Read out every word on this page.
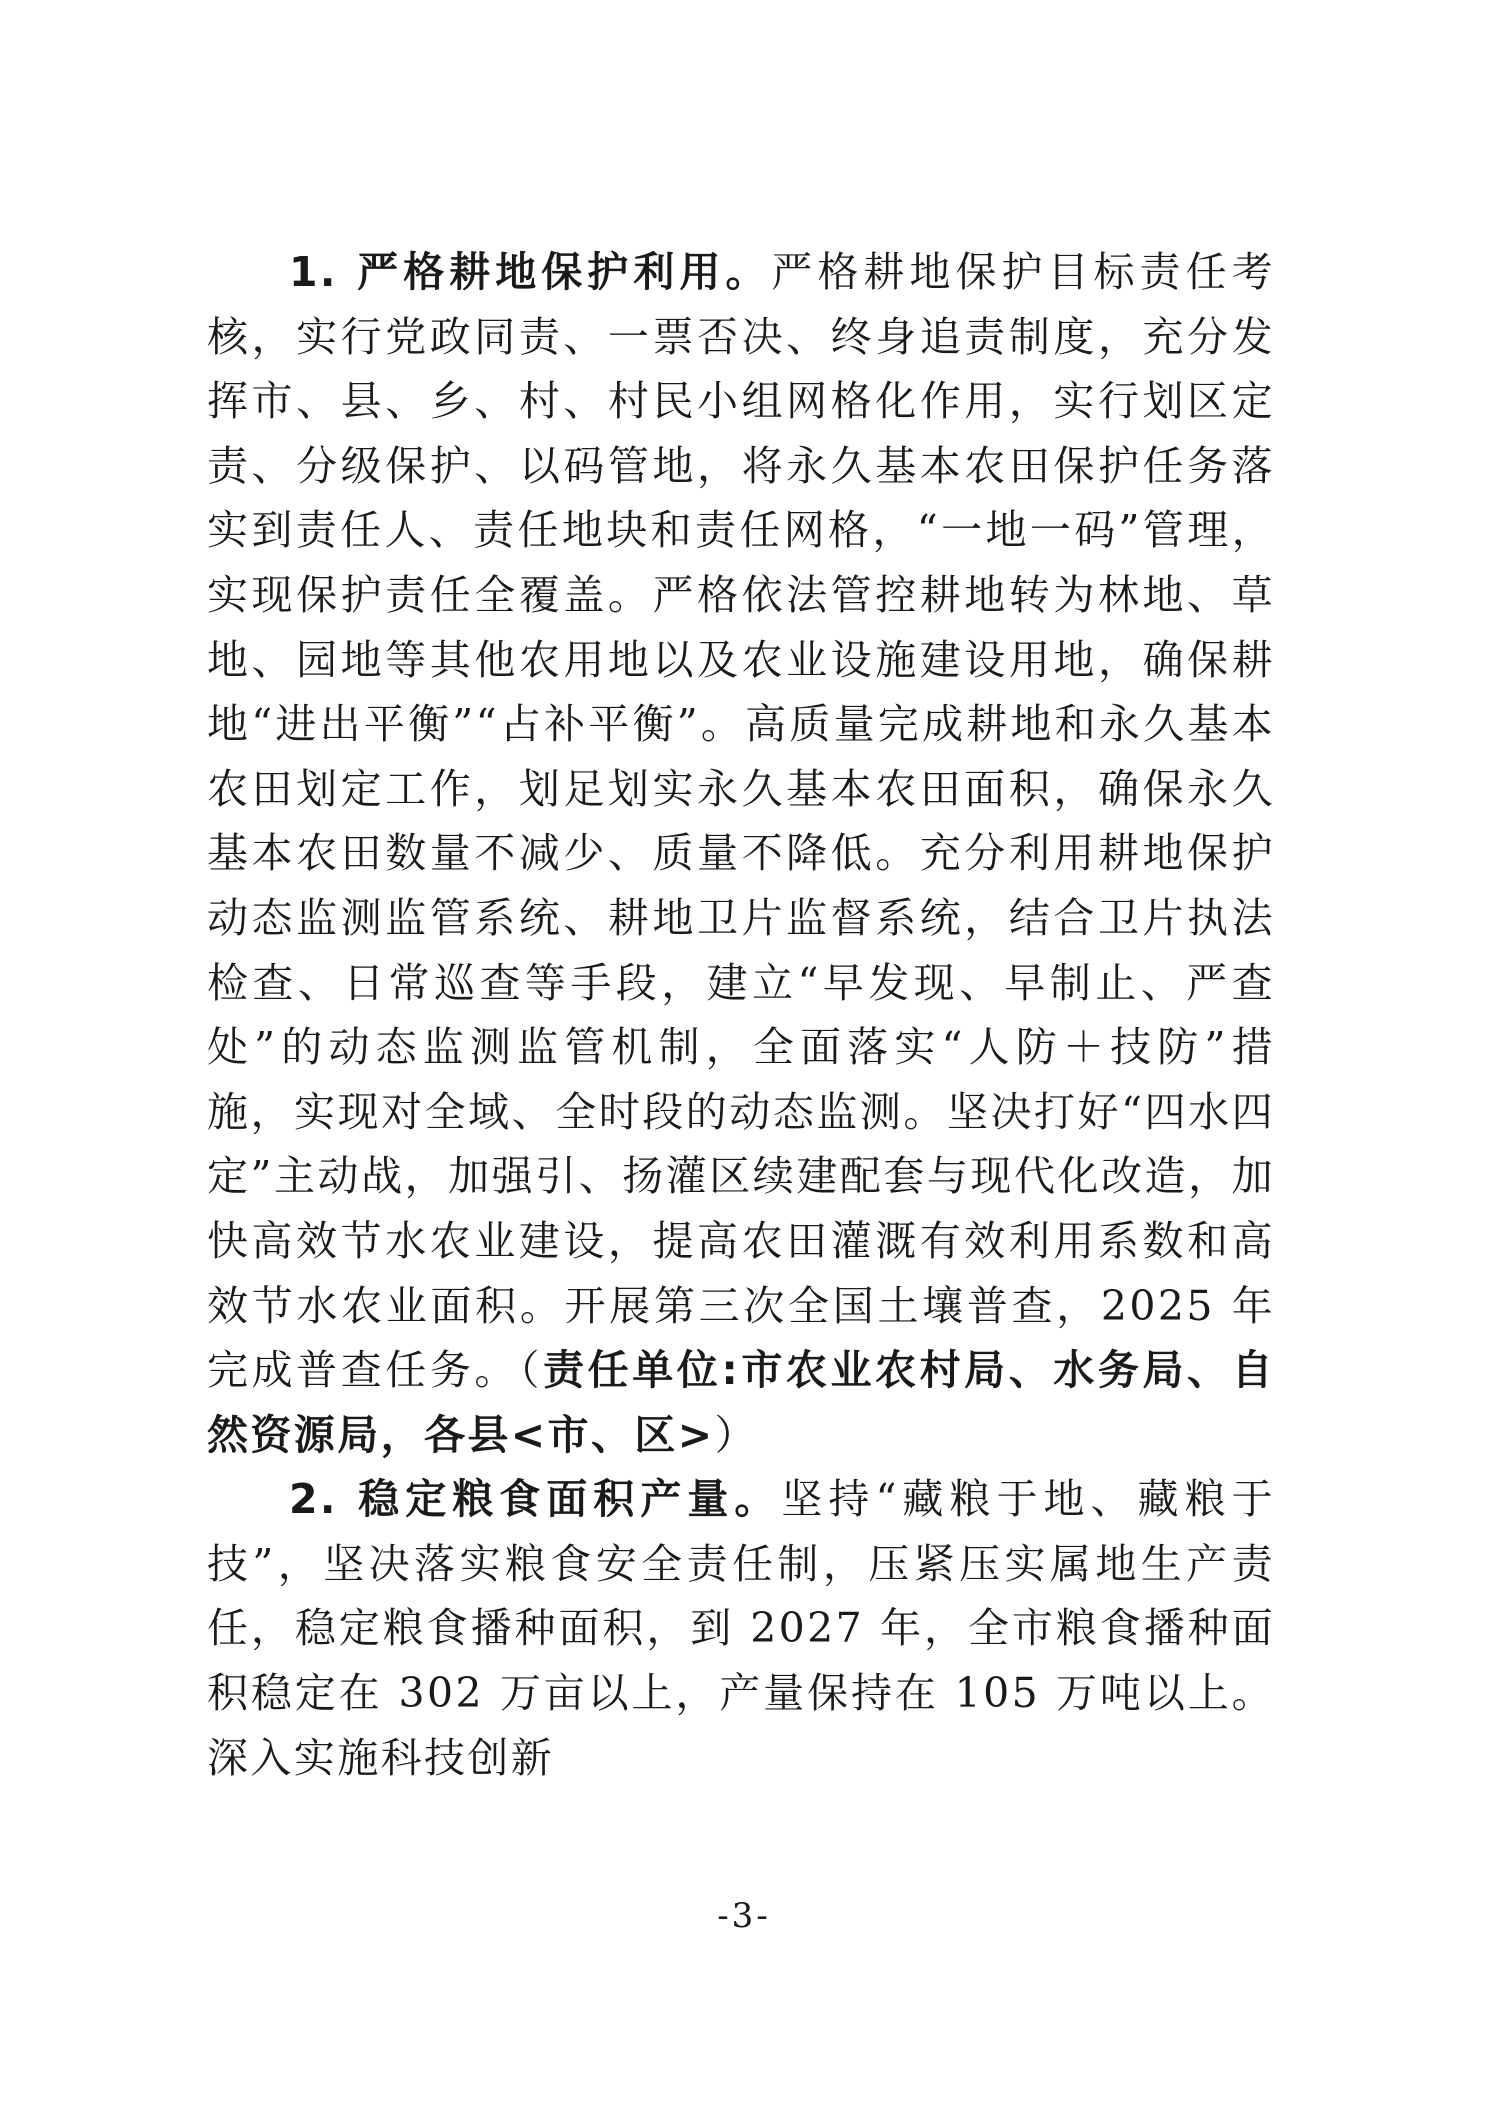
1. 严格耕地保护利用。严格耕地保护目标责任考核，实行党政同责、一票否决、终身追责制度，充分发挥市、县、乡、村、村民小组网格化作用，实行划区定责、分级保护、以码管地，将永久基本农田保护任务落实到责任人、责任地块和责任网格，“一地一码”管理，实现保护责任全覆盖。严格依法管控耕地转为林地、草地、园地等其他农用地以及农业设施建设用地，确保耕地“进出平衡”“占补平衡”。高质量完成耕地和永久基本农田划定工作，划足划实永久基本农田面积，确保永久基本农田数量不减少、质量不降低。充分利用耕地保护动态监测监管系统、耕地卫片监督系统，结合卫片执法检查、日常巡查等手段，建立“早发现、早制止、严查处”的动态监测监管机制，全面落实“人防＋技防”措施，实现对全域、全时段的动态监测。坚决打好“四水四定”主动战，加强引、扬灌区续建配套与现代化改造，加快高效节水农业建设，提高农田灌溉有效利用系数和高效节水农业面积。开展第三次全国土壤普查，2025 年完成普查任务。（责任单位:市农业农村局、水务局、自然资源局，各县<市、区>）

2. 稳定粮食面积产量。坚持“藏粮于地、藏粮于技”，坚决落实粮食安全责任制，压紧压实属地生产责任，稳定粮食播种面积，到 2027 年，全市粮食播种面积稳定在 302 万亩以上，产量保持在 105 万吨以上。深入实施科技创新

-3-
